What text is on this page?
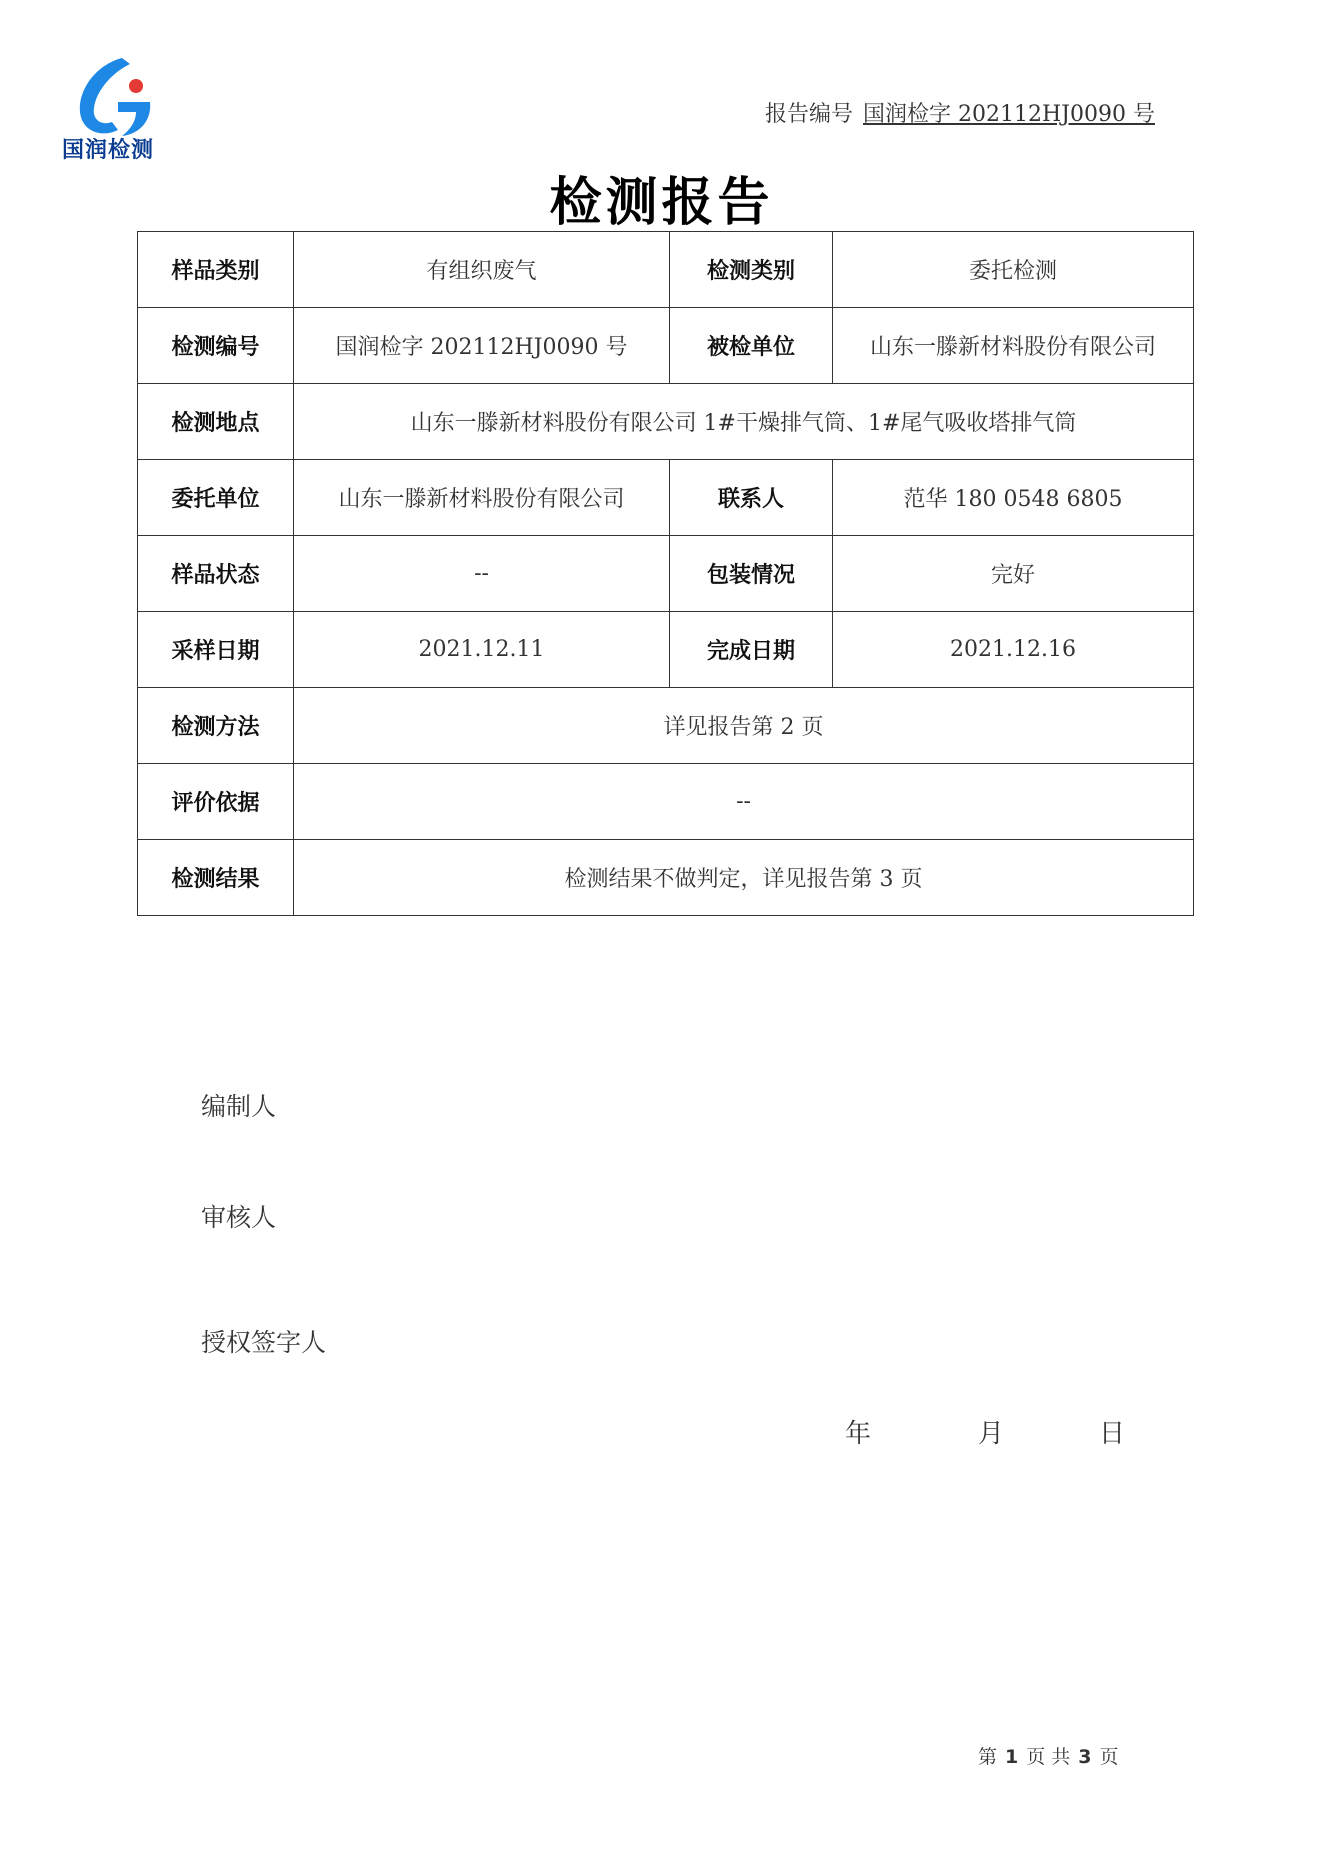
国润检测
报告编号 国润检字 202112HJ0090 号
检测报告
样品类别	有组织废气	检测类别	委托检测
检测编号	国润检字 202112HJ0090 号	被检单位	山东一滕新材料股份有限公司
检测地点	山东一滕新材料股份有限公司 1#干燥排气筒、1#尾气吸收塔排气筒		
委托单位	山东一滕新材料股份有限公司	联系人	范华 180 0548 6805
样品状态	--	包装情况	完好
采样日期	2021.12.11	完成日期	2021.12.16
检测方法	详见报告第 2 页		
评价依据	--		
检测结果	检测结果不做判定，详见报告第 3 页		
编制人
审核人
授权签字人
年	月	日
第 1 页 共 3 页
